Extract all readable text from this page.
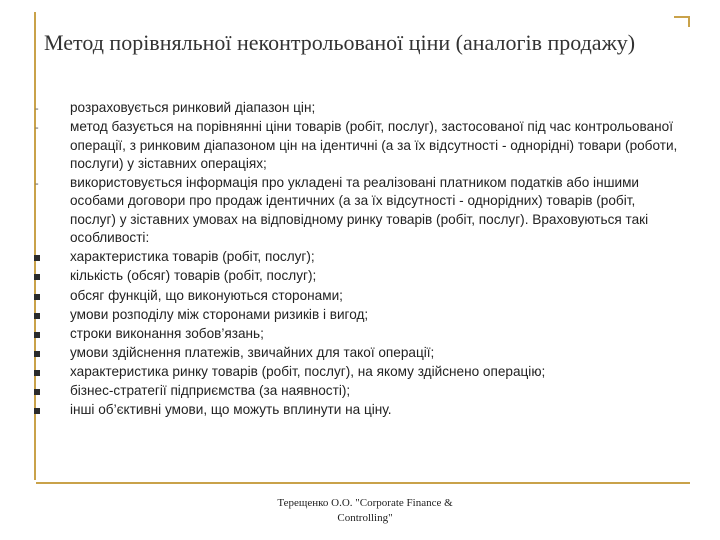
Метод порівняльної неконтрольованої ціни (аналогів продажу)
- розраховується ринковий діапазон цін;
- метод базується на порівнянні ціни товарів (робіт, послуг), застосованої під час контрольованої операції, з ринковим діапазоном цін на ідентичні (а за їх відсутності - однорідні) товари (роботи, послуги) у зіставних операціях;
- використовується інформація про укладені та реалізовані платником податків або іншими особами договори про продаж ідентичних (а за їх відсутності - однорідних) товарів (робіт, послуг) у зіставних умовах на відповідному ринку товарів (робіт, послуг). Враховуються такі особливості:
характеристика товарів (робіт, послуг);
кількість (обсяг) товарів (робіт, послуг);
обсяг функцій, що виконуються сторонами;
умови розподілу між сторонами ризиків і вигод;
строки виконання зобов’язань;
умови здійснення платежів, звичайних для такої операції;
характеристика ринку товарів (робіт, послуг), на якому здійснено операцію;
бізнес-стратегії підприємства (за наявності);
інші об’єктивні умови, що можуть вплинути на ціну.
Терещенко О.О. "Corporate Finance &
Controlling"
